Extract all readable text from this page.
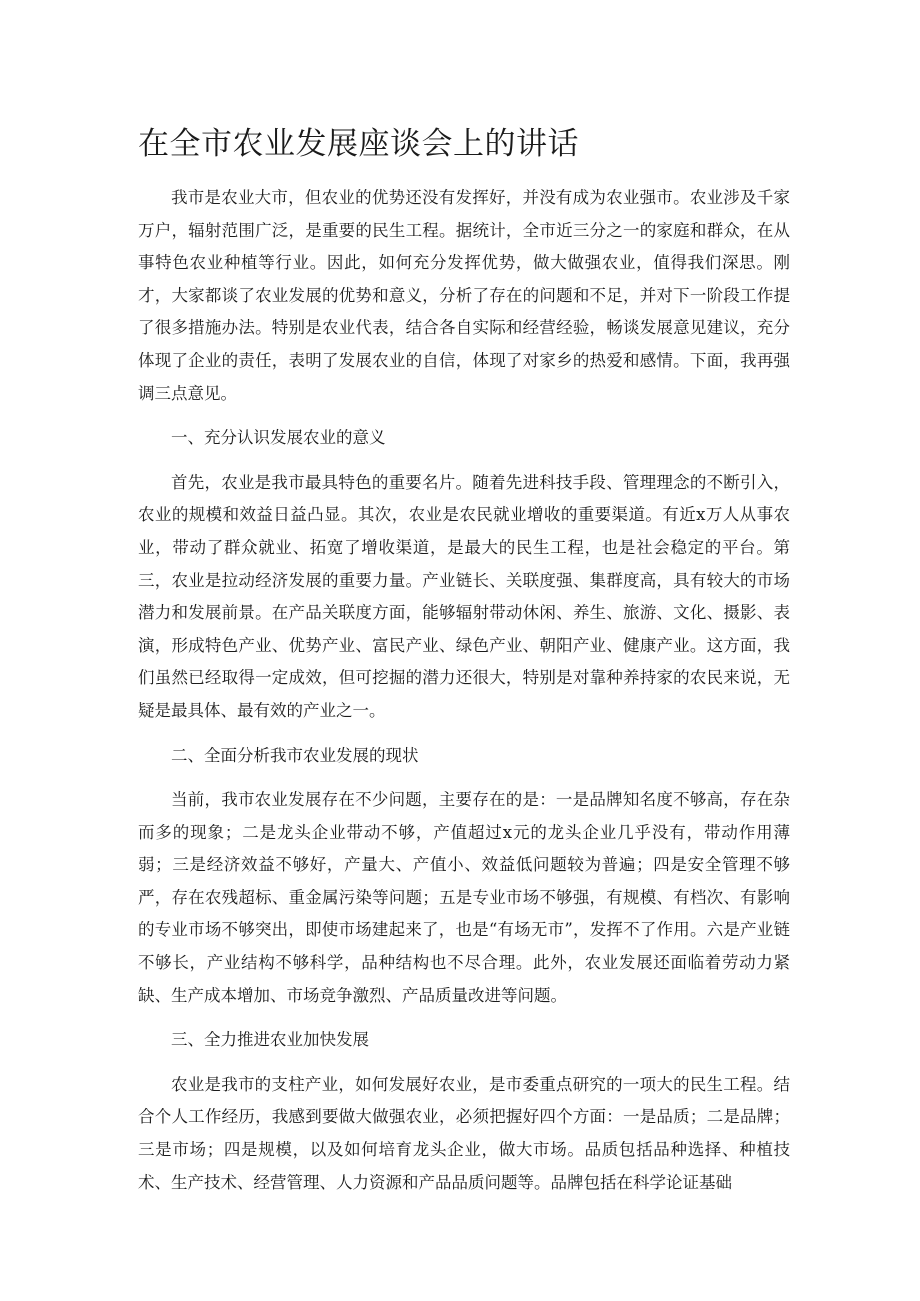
在全市农业发展座谈会上的讲话

我市是农业大市，但农业的优势还没有发挥好，并没有成为农业强市。农业涉及千家万户，辐射范围广泛，是重要的民生工程。据统计，全市近三分之一的家庭和群众，在从事特色农业种植等行业。因此，如何充分发挥优势，做大做强农业，值得我们深思。刚才，大家都谈了农业发展的优势和意义，分析了存在的问题和不足，并对下一阶段工作提了很多措施办法。特别是农业代表，结合各自实际和经营经验，畅谈发展意见建议，充分体现了企业的责任，表明了发展农业的自信，体现了对家乡的热爱和感情。下面，我再强调三点意见。

一、充分认识发展农业的意义

首先，农业是我市最具特色的重要名片。随着先进科技手段、管理理念的不断引入，农业的规模和效益日益凸显。其次，农业是农民就业增收的重要渠道。有近x万人从事农业，带动了群众就业、拓宽了增收渠道，是最大的民生工程，也是社会稳定的平台。第三，农业是拉动经济发展的重要力量。产业链长、关联度强、集群度高，具有较大的市场潜力和发展前景。在产品关联度方面，能够辐射带动休闲、养生、旅游、文化、摄影、表演，形成特色产业、优势产业、富民产业、绿色产业、朝阳产业、健康产业。这方面，我们虽然已经取得一定成效，但可挖掘的潜力还很大，特别是对靠种养持家的农民来说，无疑是最具体、最有效的产业之一。

二、全面分析我市农业发展的现状

当前，我市农业发展存在不少问题，主要存在的是：一是品牌知名度不够高，存在杂而多的现象；二是龙头企业带动不够，产值超过x元的龙头企业几乎没有，带动作用薄弱；三是经济效益不够好，产量大、产值小、效益低问题较为普遍；四是安全管理不够严，存在农残超标、重金属污染等问题；五是专业市场不够强，有规模、有档次、有影响的专业市场不够突出，即使市场建起来了，也是“有场无市”，发挥不了作用。六是产业链不够长，产业结构不够科学，品种结构也不尽合理。此外，农业发展还面临着劳动力紧缺、生产成本增加、市场竞争激烈、产品质量改进等问题。

三、全力推进农业加快发展

农业是我市的支柱产业，如何发展好农业，是市委重点研究的一项大的民生工程。结合个人工作经历，我感到要做大做强农业，必须把握好四个方面：一是品质；二是品牌；三是市场；四是规模，以及如何培育龙头企业，做大市场。品质包括品种选择、种植技术、生产技术、经营管理、人力资源和产品品质问题等。品牌包括在科学论证基础
